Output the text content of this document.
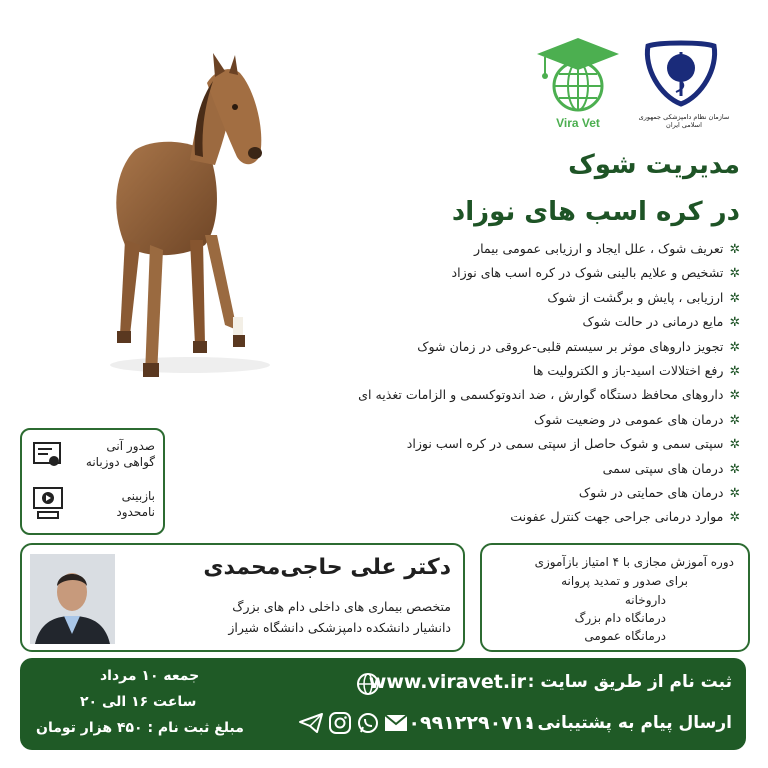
Vira Vet	سازمان نظام دامپزشکی جمهوری اسلامی ایران
مدیریت شوک
در کره اسب های نوزاد
✲تعریف شوک ، علل ایجاد و ارزیابی عمومی بیمار
✲تشخیص و علایم بالینی شوک در کره اسب های نوزاد
✲ارزیابی ، پایش و برگشت از شوک
✲مایع درمانی در حالت شوک
✲تجویز داروهای موثر بر سیستم قلبی-عروقی در زمان شوک
✲رفع اختلالات اسید-باز و الکترولیت ها
✲داروهای محافظ دستگاه گوارش ، ضد اندوتوکسمی و الزامات تغذیه ای
✲درمان های عمومی در وضعیت شوک
✲سپتی سمی و شوک حاصل از سپتی سمی در کره اسب نوزاد
✲درمان های سپتی سمی
✲درمان های حمایتی در شوک
✲موارد درمانی جراحی جهت کنترل عفونت
صدور آنی
گواهی دوزبانه
بازبینی
نامحدود
دکتر علی حاجی‌محمدی
متخصص بیماری های داخلی دام های بزرگ
دانشیار دانشکده دامپزشکی دانشگاه شیراز
دوره آموزش مجازی با ۴ امتیاز بازآموزی
برای صدور و تمدید پروانه
داروخانه
درمانگاه دام بزرگ
درمانگاه عمومی
ثبت نام از طریق سایت :
www.viravet.ir
ارسال پیام به پشتیبانی :
۰۹۹۱۲۲۹۰۷۱۱
جمعه ۱۰ مرداد
ساعت ۱۶ الی ۲۰
مبلغ ثبت نام : ۴۵۰ هزار تومان
